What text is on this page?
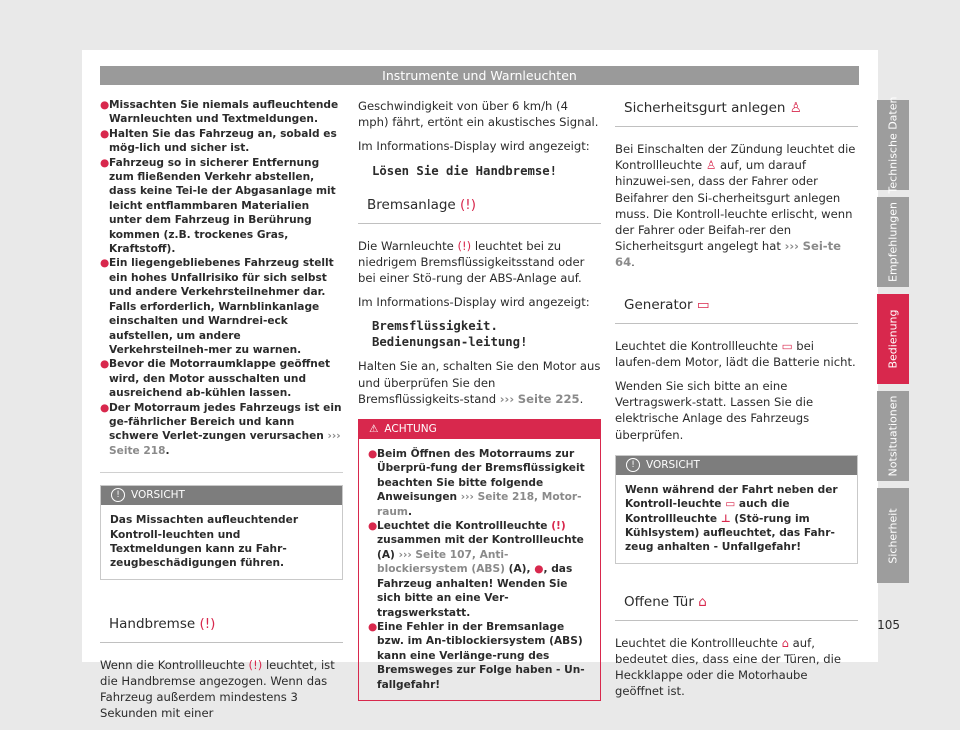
Instrumente und Warnleuchten
● Missachten Sie niemals aufleuchtende Warnleuchten und Textmeldungen.
● Halten Sie das Fahrzeug an, sobald es mög-lich und sicher ist.
● Fahrzeug so in sicherer Entfernung zum fließenden Verkehr abstellen, dass keine Tei-le der Abgasanlage mit leicht entflammbaren Materialien unter dem Fahrzeug in Berührung kommen (z.B. trockenes Gras, Kraftstoff).
● Ein liegengebliebenes Fahrzeug stellt ein hohes Unfallrisiko für sich selbst und andere Verkehrsteilnehmer dar. Falls erforderlich, Warnblinkanlage einschalten und Warndrei-eck aufstellen, um andere Verkehrsteilneh-mer zu warnen.
● Bevor die Motorraumklappe geöffnet wird, den Motor ausschalten und ausreichend ab-kühlen lassen.
● Der Motorraum jedes Fahrzeugs ist ein ge-fährlicher Bereich und kann schwere Verlet-zungen verursachen ››› Seite 218.
! VORSICHT
Das Missachten aufleuchtender Kontroll-leuchten und Textmeldungen kann zu Fahr-zeugbeschädigungen führen.
Handbremse (!)

Wenn die Kontrollleuchte (!) leuchtet, ist die Handbremse angezogen. Wenn das Fahrzeug außerdem mindestens 3 Sekunden mit einer

Geschwindigkeit von über 6 km/h (4 mph) fährt, ertönt ein akustisches Signal.

Im Informations-Display wird angezeigt:

Lösen Sie die Handbremse!

Bremsanlage (!)

Die Warnleuchte (!) leuchtet bei zu niedrigem Bremsflüssigkeitsstand oder bei einer Stö-rung der ABS-Anlage auf.

Im Informations-Display wird angezeigt:

Bremsflüssigkeit. Bedienungsan-leitung!

Halten Sie an, schalten Sie den Motor aus und überprüfen Sie den Bremsflüssigkeits-stand ››› Seite 225.

⚠ ACHTUNG
● Beim Öffnen des Motorraums zur Überprü-fung der Bremsflüssigkeit beachten Sie bitte folgende Anweisungen ››› Seite 218, Motor-raum.
● Leuchtet die Kontrollleuchte (!) zusammen mit der Kontrollleuchte (A) ››› Seite 107, Anti-blockiersystem (ABS) (A), ●, das Fahrzeug anhalten! Wenden Sie sich bitte an eine Ver-tragswerkstatt.
● Eine Fehler in der Bremsanlage bzw. im An-tiblockiersystem (ABS) kann eine Verlänge-rung des Bremsweges zur Folge haben - Un-fallgefahr!
Sicherheitsgurt anlegen ♙

Bei Einschalten der Zündung leuchtet die Kontrollleuchte ♙ auf, um darauf hinzuwei-sen, dass der Fahrer oder Beifahrer den Si-cherheitsgurt anlegen muss. Die Kontroll-leuchte erlischt, wenn der Fahrer oder Beifah-rer den Sicherheitsgurt angelegt hat ››› Sei-te 64.

Generator ▭

Leuchtet die Kontrollleuchte ▭ bei laufen-dem Motor, lädt die Batterie nicht.

Wenden Sie sich bitte an eine Vertragswerk-statt. Lassen Sie die elektrische Anlage des Fahrzeugs überprüfen.

! VORSICHT
Wenn während der Fahrt neben der Kontroll-leuchte ▭ auch die Kontrollleuchte ⊥ (Stö-rung im Kühlsystem) aufleuchtet, das Fahr-zeug anhalten - Unfallgefahr!
Offene Tür ⌂

Leuchtet die Kontrollleuchte ⌂ auf, bedeutet dies, dass eine der Türen, die Heckklappe oder die Motorhaube geöffnet ist.

Technische Daten
Empfehlungen
Bedienung
Notsituationen
Sicherheit
105
